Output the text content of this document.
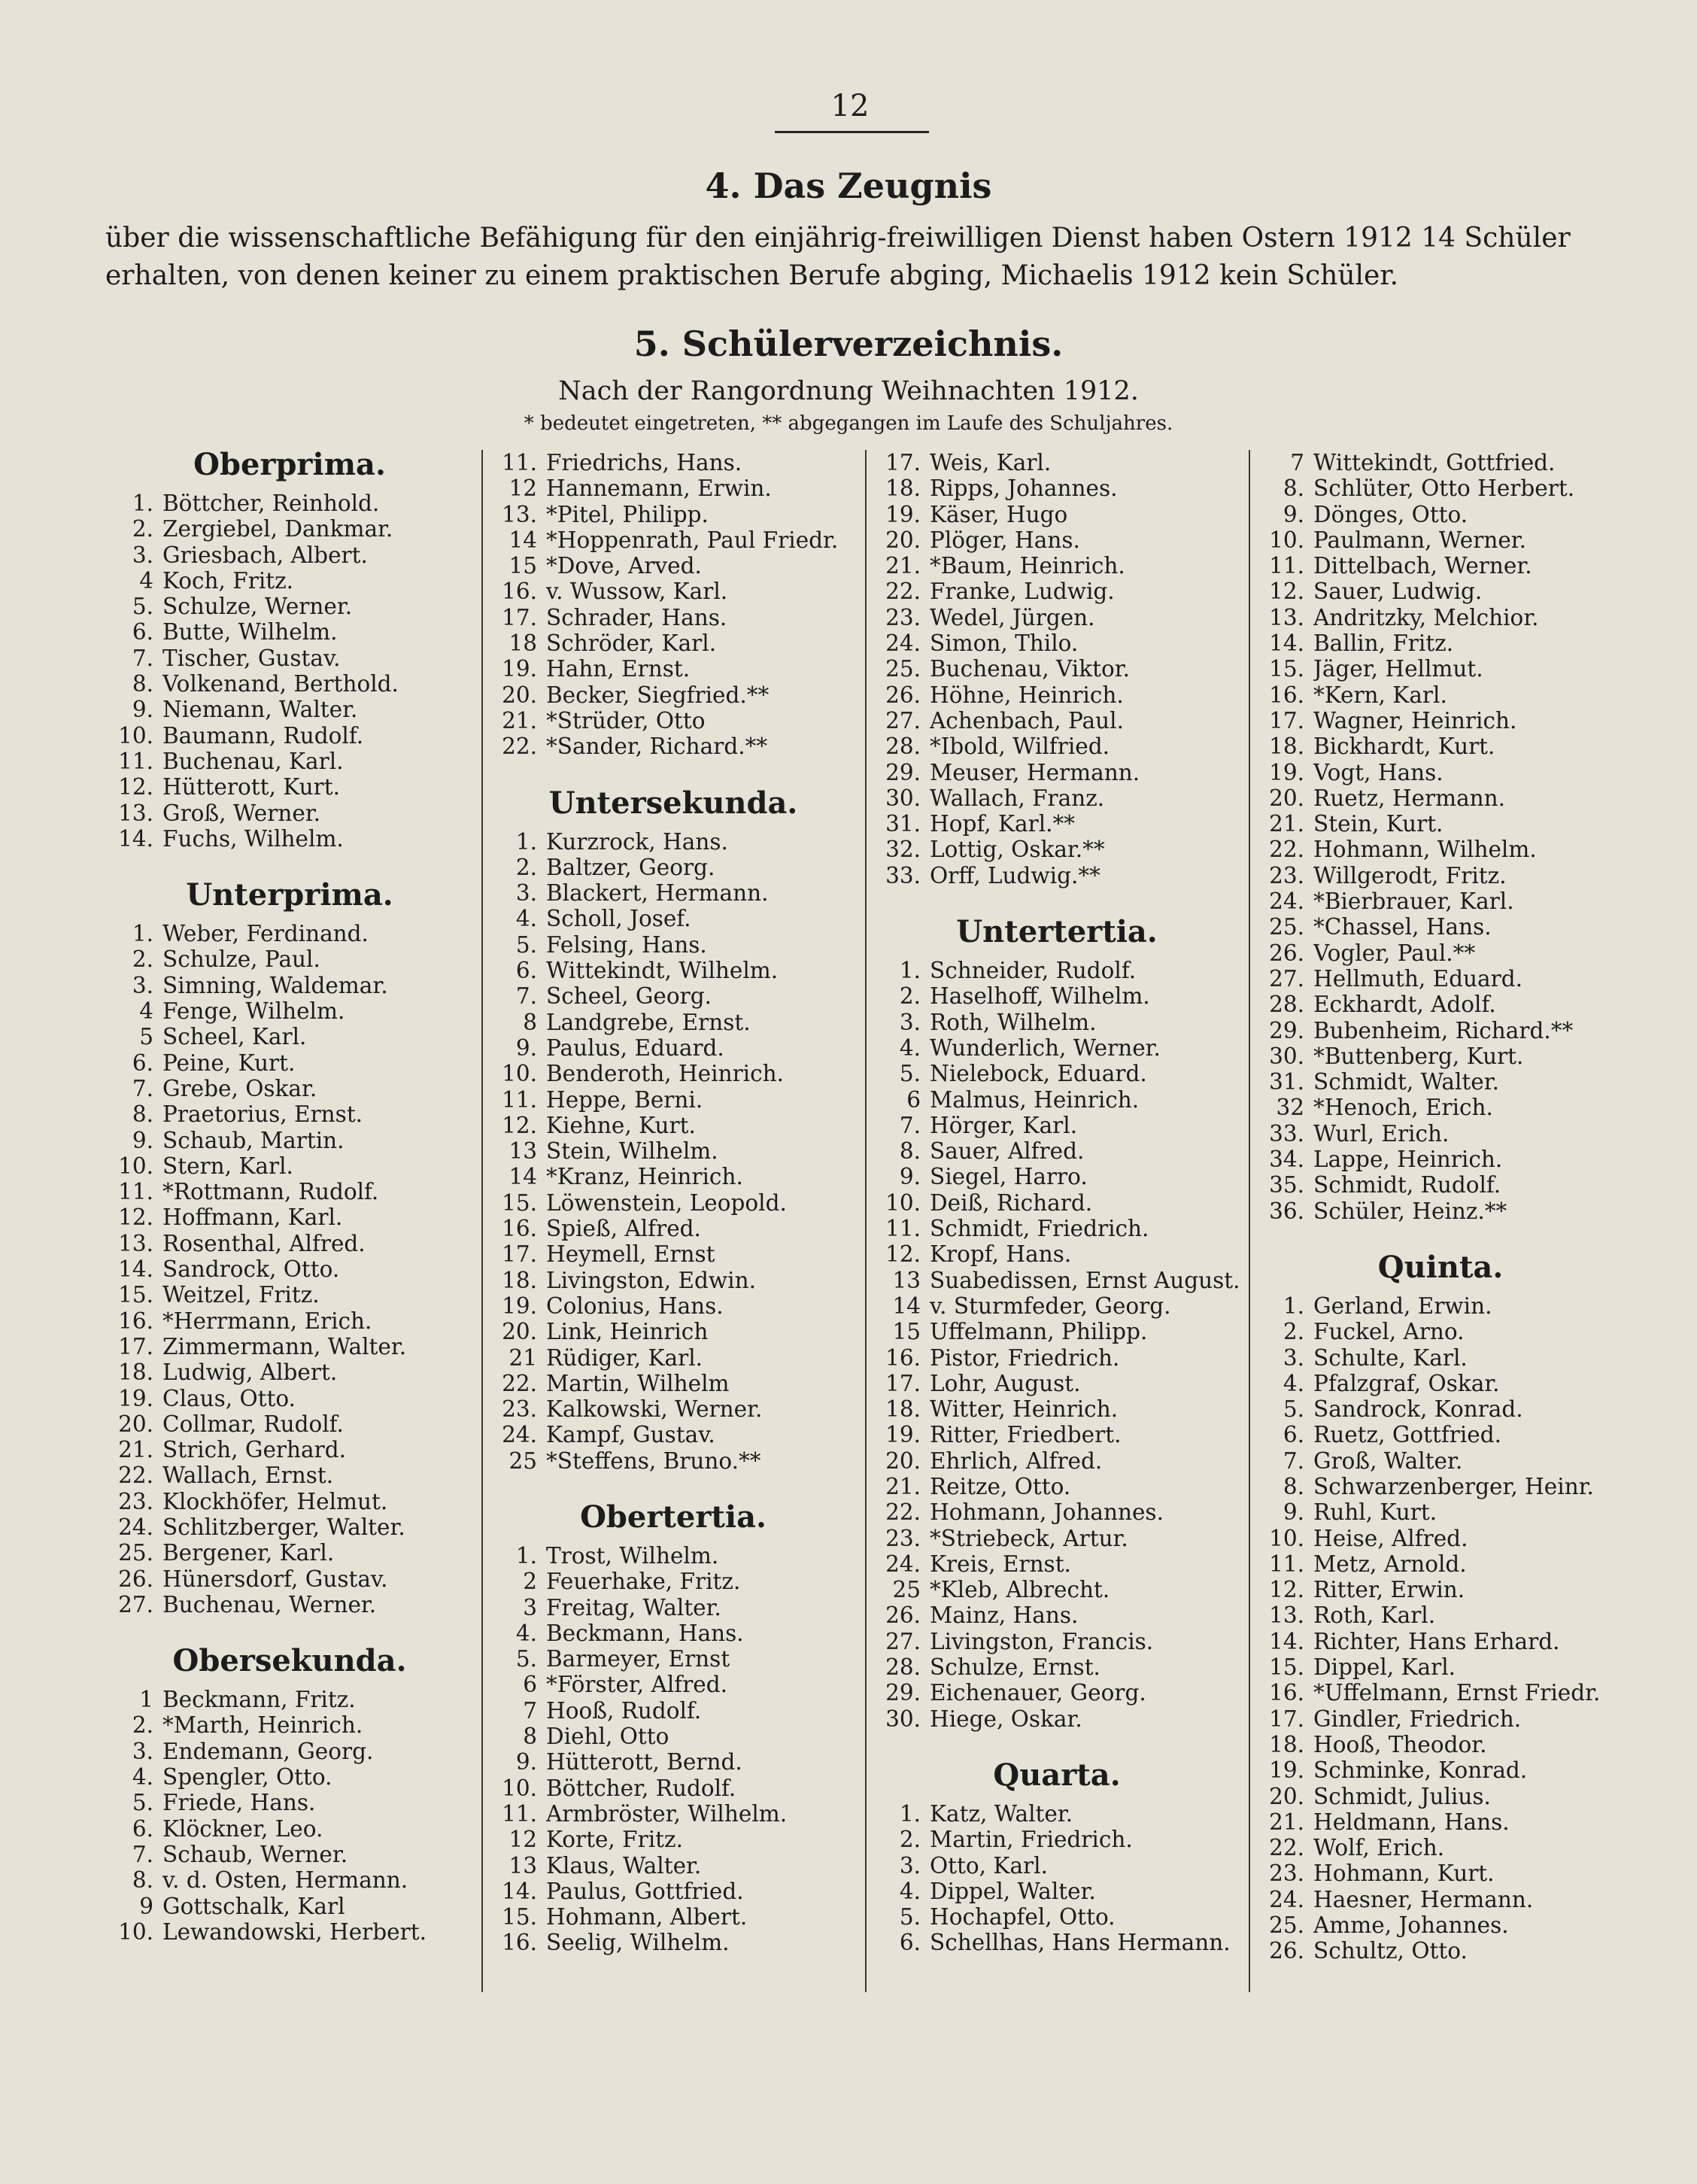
12
4. Das Zeugnis
über die wissenschaftliche Befähigung für den einjährig-freiwilligen Dienst haben Ostern 1912 14 Schüler
erhalten, von denen keiner zu einem praktischen Berufe abging, Michaelis 1912 kein Schüler.
5. Schülerverzeichnis.
Nach der Rangordnung Weihnachten 1912.
* bedeutet eingetreten, ** abgegangen im Laufe des Schuljahres.
Oberprima.
1. Böttcher, Reinhold.
2. Zergiebel, Dankmar.
3. Griesbach, Albert.
4 Koch, Fritz.
5. Schulze, Werner.
6. Butte, Wilhelm.
7. Tischer, Gustav.
8. Volkenand, Berthold.
9. Niemann, Walter.
10. Baumann, Rudolf.
11. Buchenau, Karl.
12. Hütterott, Kurt.
13. Groß, Werner.
14. Fuchs, Wilhelm.
Unterprima.
1. Weber, Ferdinand.
2. Schulze, Paul.
3. Simning, Waldemar.
4 Fenge, Wilhelm.
5 Scheel, Karl.
6. Peine, Kurt.
7. Grebe, Oskar.
8. Praetorius, Ernst.
9. Schaub, Martin.
10. Stern, Karl.
11. *Rottmann, Rudolf.
12. Hoffmann, Karl.
13. Rosenthal, Alfred.
14. Sandrock, Otto.
15. Weitzel, Fritz.
16. *Herrmann, Erich.
17. Zimmermann, Walter.
18. Ludwig, Albert.
19. Claus, Otto.
20. Collmar, Rudolf.
21. Strich, Gerhard.
22. Wallach, Ernst.
23. Klockhöfer, Helmut.
24. Schlitzberger, Walter.
25. Bergener, Karl.
26. Hünersdorf, Gustav.
27. Buchenau, Werner.
Obersekunda.
1 Beckmann, Fritz.
2. *Marth, Heinrich.
3. Endemann, Georg.
4. Spengler, Otto.
5. Friede, Hans.
6. Klöckner, Leo.
7. Schaub, Werner.
8. v. d. Osten, Hermann.
9 Gottschalk, Karl
10. Lewandowski, Herbert.
11. Friedrichs, Hans.
12 Hannemann, Erwin.
13. *Pitel, Philipp.
14 *Hoppenrath, Paul Friedr.
15 *Dove, Arved.
16. v. Wussow, Karl.
17. Schrader, Hans.
18 Schröder, Karl.
19. Hahn, Ernst.
20. Becker, Siegfried.**
21. *Strüder, Otto
22. *Sander, Richard.**
Untersekunda.
1. Kurzrock, Hans.
2. Baltzer, Georg.
3. Blackert, Hermann.
4. Scholl, Josef.
5. Felsing, Hans.
6. Wittekindt, Wilhelm.
7. Scheel, Georg.
8 Landgrebe, Ernst.
9. Paulus, Eduard.
10. Benderoth, Heinrich.
11. Heppe, Berni.
12. Kiehne, Kurt.
13 Stein, Wilhelm.
14 *Kranz, Heinrich.
15. Löwenstein, Leopold.
16. Spieß, Alfred.
17. Heymell, Ernst
18. Livingston, Edwin.
19. Colonius, Hans.
20. Link, Heinrich
21 Rüdiger, Karl.
22. Martin, Wilhelm
23. Kalkowski, Werner.
24. Kampf, Gustav.
25 *Steffens, Bruno.**
Obertertia.
1. Trost, Wilhelm.
2 Feuerhake, Fritz.
3 Freitag, Walter.
4. Beckmann, Hans.
5. Barmeyer, Ernst
6 *Förster, Alfred.
7 Hooß, Rudolf.
8 Diehl, Otto
9. Hütterott, Bernd.
10. Böttcher, Rudolf.
11. Armbröster, Wilhelm.
12 Korte, Fritz.
13 Klaus, Walter.
14. Paulus, Gottfried.
15. Hohmann, Albert.
16. Seelig, Wilhelm.
17. Weis, Karl.
18. Ripps, Johannes.
19. Käser, Hugo
20. Plöger, Hans.
21. *Baum, Heinrich.
22. Franke, Ludwig.
23. Wedel, Jürgen.
24. Simon, Thilo.
25. Buchenau, Viktor.
26. Höhne, Heinrich.
27. Achenbach, Paul.
28. *Ibold, Wilfried.
29. Meuser, Hermann.
30. Wallach, Franz.
31. Hopf, Karl.**
32. Lottig, Oskar.**
33. Orff, Ludwig.**
Untertertia.
1. Schneider, Rudolf.
2. Haselhoff, Wilhelm.
3. Roth, Wilhelm.
4. Wunderlich, Werner.
5. Nielebock, Eduard.
6 Malmus, Heinrich.
7. Hörger, Karl.
8. Sauer, Alfred.
9. Siegel, Harro.
10. Deiß, Richard.
11. Schmidt, Friedrich.
12. Kropf, Hans.
13 Suabedissen, Ernst August.
14 v. Sturmfeder, Georg.
15 Uffelmann, Philipp.
16. Pistor, Friedrich.
17. Lohr, August.
18. Witter, Heinrich.
19. Ritter, Friedbert.
20. Ehrlich, Alfred.
21. Reitze, Otto.
22. Hohmann, Johannes.
23. *Striebeck, Artur.
24. Kreis, Ernst.
25 *Kleb, Albrecht.
26. Mainz, Hans.
27. Livingston, Francis.
28. Schulze, Ernst.
29. Eichenauer, Georg.
30. Hiege, Oskar.
Quarta.
1. Katz, Walter.
2. Martin, Friedrich.
3. Otto, Karl.
4. Dippel, Walter.
5. Hochapfel, Otto.
6. Schellhas, Hans Hermann.
7 Wittekindt, Gottfried.
8. Schlüter, Otto Herbert.
9. Dönges, Otto.
10. Paulmann, Werner.
11. Dittelbach, Werner.
12. Sauer, Ludwig.
13. Andritzky, Melchior.
14. Ballin, Fritz.
15. Jäger, Hellmut.
16. *Kern, Karl.
17. Wagner, Heinrich.
18. Bickhardt, Kurt.
19. Vogt, Hans.
20. Ruetz, Hermann.
21. Stein, Kurt.
22. Hohmann, Wilhelm.
23. Willgerodt, Fritz.
24. *Bierbrauer, Karl.
25. *Chassel, Hans.
26. Vogler, Paul.**
27. Hellmuth, Eduard.
28. Eckhardt, Adolf.
29. Bubenheim, Richard.**
30. *Buttenberg, Kurt.
31. Schmidt, Walter.
32 *Henoch, Erich.
33. Wurl, Erich.
34. Lappe, Heinrich.
35. Schmidt, Rudolf.
36. Schüler, Heinz.**
Quinta.
1. Gerland, Erwin.
2. Fuckel, Arno.
3. Schulte, Karl.
4. Pfalzgraf, Oskar.
5. Sandrock, Konrad.
6. Ruetz, Gottfried.
7. Groß, Walter.
8. Schwarzenberger, Heinr.
9. Ruhl, Kurt.
10. Heise, Alfred.
11. Metz, Arnold.
12. Ritter, Erwin.
13. Roth, Karl.
14. Richter, Hans Erhard.
15. Dippel, Karl.
16. *Uffelmann, Ernst Friedr.
17. Gindler, Friedrich.
18. Hooß, Theodor.
19. Schminke, Konrad.
20. Schmidt, Julius.
21. Heldmann, Hans.
22. Wolf, Erich.
23. Hohmann, Kurt.
24. Haesner, Hermann.
25. Amme, Johannes.
26. Schultz, Otto.
